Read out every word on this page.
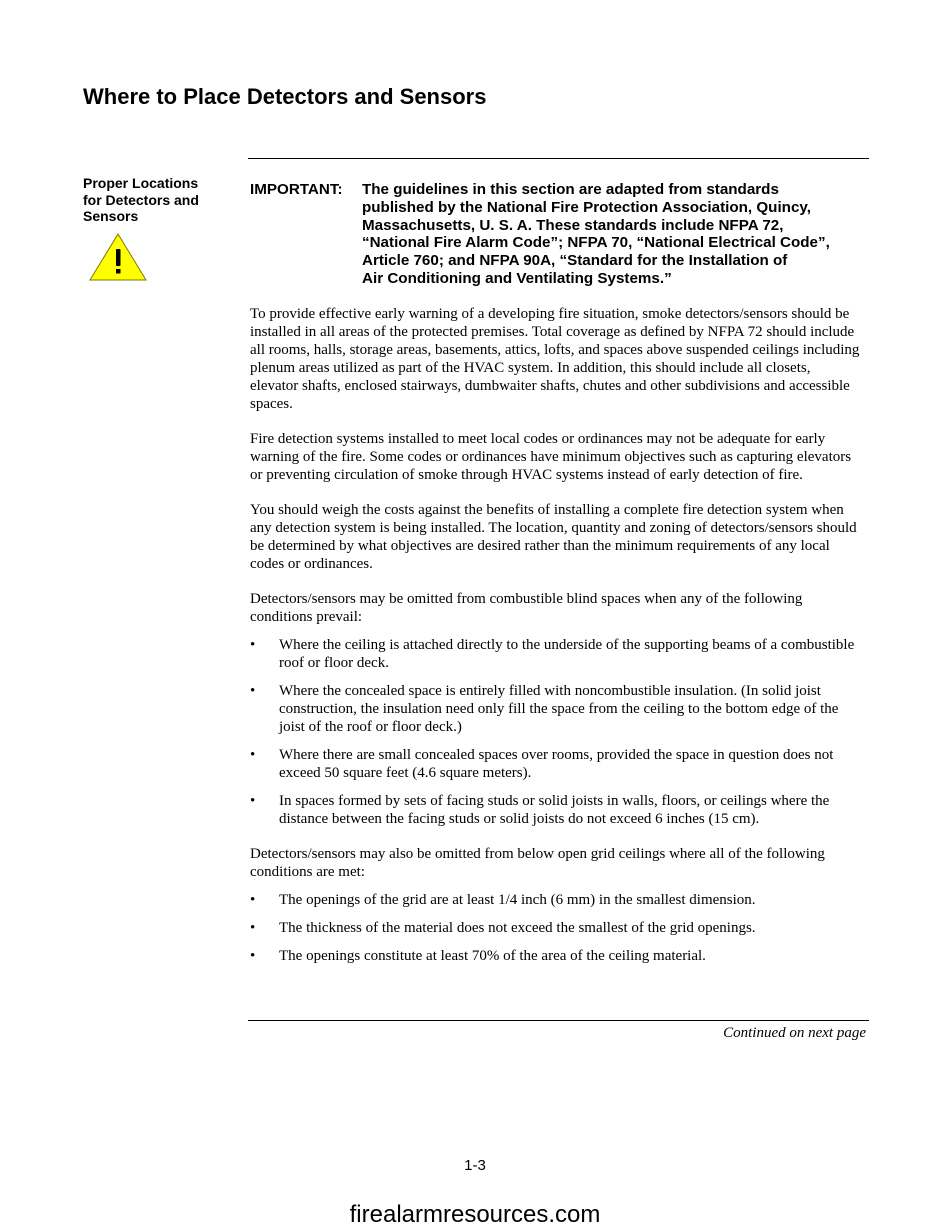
Where to Place Detectors and Sensors
Proper Locations for Detectors and Sensors
IMPORTANT: The guidelines in this section are adapted from standards
published by the National Fire Protection Association, Quincy,
Massachusetts, U. S. A. These standards include NFPA 72,
“National Fire Alarm Code”; NFPA 70, “National Electrical Code”,
Article 760; and NFPA 90A, “Standard for the Installation of
Air Conditioning and Ventilating Systems.”

To provide effective early warning of a developing fire situation, smoke detectors/sensors should be installed in all areas of the protected premises. Total coverage as defined by NFPA 72 should include all rooms, halls, storage areas, basements, attics, lofts, and spaces above suspended ceilings including plenum areas utilized as part of the HVAC system. In addition, this should include all closets, elevator shafts, enclosed stairways, dumbwaiter shafts, chutes and other subdivisions and accessible spaces.

Fire detection systems installed to meet local codes or ordinances may not be adequate for early warning of the fire. Some codes or ordinances have minimum objectives such as capturing elevators or preventing circulation of smoke through HVAC systems instead of early detection of fire.

You should weigh the costs against the benefits of installing a complete fire detection system when any detection system is being installed. The location, quantity and zoning of detectors/sensors should be determined by what objectives are desired rather than the minimum requirements of any local codes or ordinances.

Detectors/sensors may be omitted from combustible blind spaces when any of the following conditions prevail:

• Where the ceiling is attached directly to the underside of the supporting beams of a combustible roof or floor deck.
• Where the concealed space is entirely filled with noncombustible insulation. (In solid joist construction, the insulation need only fill the space from the ceiling to the bottom edge of the joist of the roof or floor deck.)
• Where there are small concealed spaces over rooms, provided the space in question does not exceed 50 square feet (4.6 square meters).
• In spaces formed by sets of facing studs or solid joists in walls, floors, or ceilings where the distance between the facing studs or solid joists do not exceed 6 inches (15 cm).

Detectors/sensors may also be omitted from below open grid ceilings where all of the following conditions are met:

• The openings of the grid are at least 1/4 inch (6 mm) in the smallest dimension.
• The thickness of the material does not exceed the smallest of the grid openings.
• The openings constitute at least 70% of the area of the ceiling material.
Continued on next page
1-3
firealarmresources.com
